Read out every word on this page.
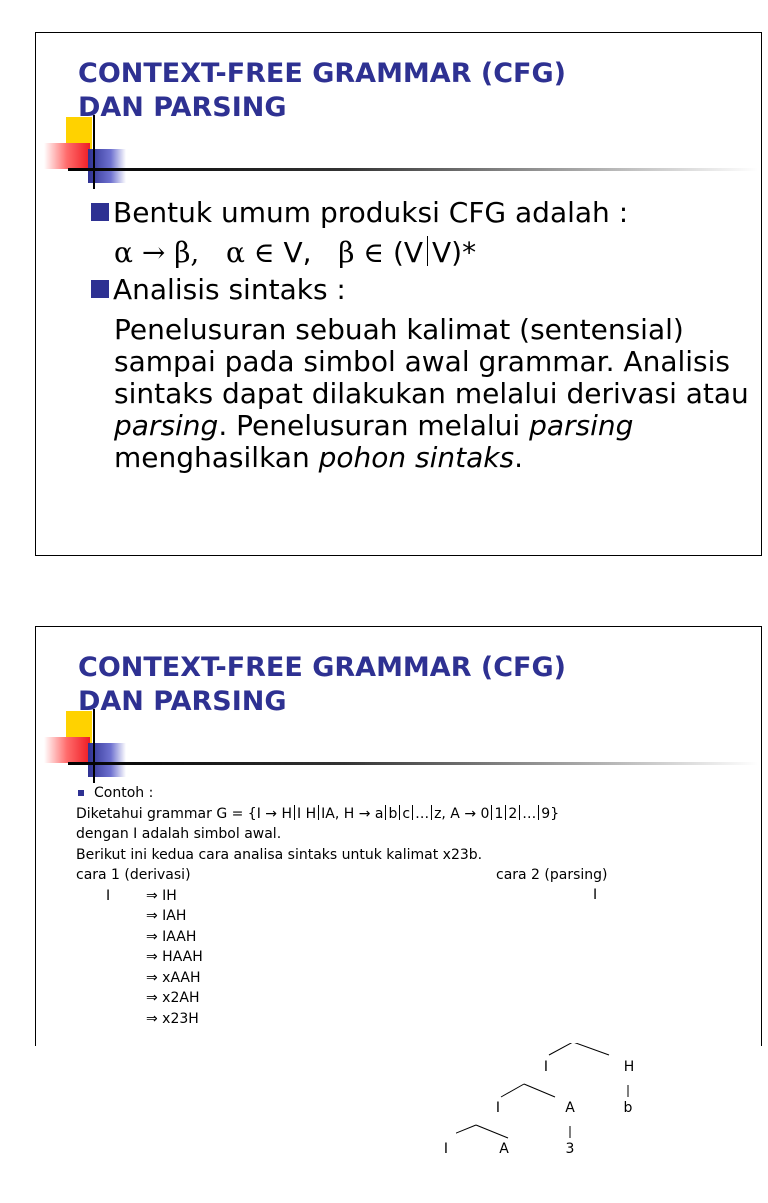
CONTEXT-FREE GRAMMAR (CFG)
DAN PARSING
Bentuk umum produksi CFG adalah :
α → β, α ∈ V, β ∈ (V V)*
Analisis sintaks :
Penelusuran sebuah kalimat (sentensial) sampai pada simbol awal grammar. Analisis sintaks dapat dilakukan melalui derivasi atau parsing. Penelusuran melalui parsing menghasilkan pohon sintaks.
CONTEXT-FREE GRAMMAR (CFG)
DAN PARSING
Contoh :
Diketahui grammar G = {I → H I H IA, H → a b c … z, A → 0 1 2 … 9}
dengan I adalah simbol awal.
Berikut ini kedua cara analisa sintaks untuk kalimat x23b.
cara 1 (derivasi)	cara 2 (parsing)
I	⇒ IH
⇒ IAH
⇒ IAAH
⇒ HAAH
⇒ xAAH
⇒ x2AH
⇒ x23H
I	H
I	A	b
I	A	3
I
